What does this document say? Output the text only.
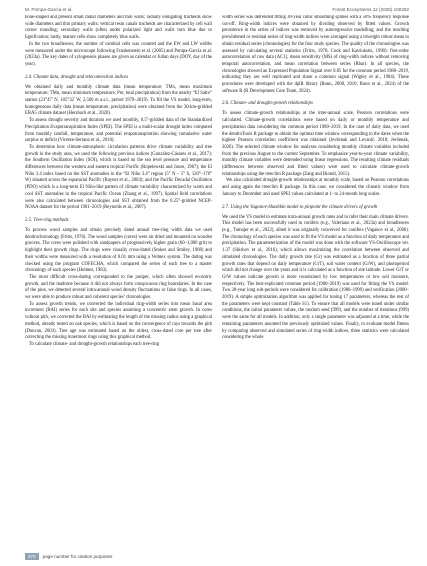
M. Pompa-García et al.	Forest Ecosystems 12 (2025) 100292

bone-shaped and present small radial diameters and thin walls; radially elongating tracheids show wide diameters and thin primary walls; vertical resin canals tracheids are characterized by cell wall corner rounding; secondary walls (often under polarized light and walls turn blue due to lignification; lastly, mature cells show completely blue walls.

In the two broadleaves, the number of cambial cells was counted and the EW and LW widths were measured under the microscope following Frankenstein et al. (2005) and Pompa-García et al. (2023a). The key dates of xylogenesis phases are given as calendar or Julian days (DOY, day of the year).

2.4. Climate data, drought and teleconnection indices

We obtained daily and monthly climate data (mean temperature; TMx, mean maximum temperature; TMn, mean minimum temperature; Pre, total precipitation) from the nearby “El Salto” station (23°47′ N, 105°32′ W, 2,560 m a.s.l., period 1979–2019). To fill the VS model, long-term, homogeneous daily data (mean temperature, precipitation) were obtained from the 30-km-gridded ERA5 climate dataset (Hersbach et al., 2020).

To assess drought severity and duration we used monthly, 0.5°-gridded data of the Standardized Precipitation Evapotranspiration Index (SPEI). The SPEI is a multi-scalar drought index computed from monthly rainfall, temperature, and potential evapotranspiration showing cumulative water surplus or deficit (Vicente-Serrano et al., 2010).

To determine how climate-atmospheric circulation patterns drive climate variability and tree growth in the study area, we used the following previous indices (González-Cásares et al., 2017): the Southern Oscillation Index (SOI), which is based on the sea level pressure and temperature differences between the western and eastern tropical Pacific (Ropelewski and Jones, 1987); the El Niño 3.4 index based on the SST anomalies in the “El Niño 3.4” region (5° N – 5° S, 120°–170° W) situated across the equatorial Pacific (Rayner et al., 2003); and the Pacific Decadal Oscillation (PDO) which is a long-term El Niño-like pattern of climate variability characterized by warm and cool SST anomalies in the tropical Pacific Ocean (Zhang et al., 1997). Spatial field correlations were also calculated between chronologies and SST obtained from the 0.25°-gridded NCEP-NOAA dataset for the period 1981–2019 (Reynolds et al., 2007).

2.5. Tree-ring methods

To process wood samples and obtain precisely dated annual tree-ring width data we used dendrochronology (Fritts, 1976). The wood samples (cores) were air dried and mounted on wooden grooves. The cores were polished with sandpapers of progressively higher grain (60–1,000 grit) to highlight their growth rings. The rings were visually cross-dated (Stokes and Smiley, 1968) and their widths were measured with a resolution of 0.01 mm using a Velmex system. The dating was checked using the program COFECHA, which compared the series of each tree to a master chronology of each species (Holmes, 1983).

The most difficult cross-dating corresponded to the juniper, which often showed eccentric growth, and the madrone because it did not always form conspicuous ring boundaries. In the case of the pine, we detected several intra-annual wood density fluctuations or false rings. In all cases, we were able to produce robust and coherent species’ chronologies.

To assess growth trends, we converted the individual ring-width series into mean basal area increment (BAI) series for each site and species assuming a concentric stem growth. In cores without pith, we corrected the BAI by estimating the length of the missing radius using a graphical method, already tested on oak species, which is based on the convergence of rays towards the pith (Duncan, 2003). Tree age was estimated based on the oldest, cross-dated core per tree after correcting the missing innermost rings using this graphical method.

To calculate climate- and drought-growth relationships each tree-ring

width series was detrended fitting 30-year cubic smoothing splines with a 50% frequency response cut-off. Ring-width indices were obtained by dividing observed by fitted values. Growth persistence in the series of indices was removed by autoregressive modelling, and the resulting prewhitened or residual series of ring-width indices were averaged using a biweight robust mean to obtain residual series (chronologies) for the four study species. The quality of the chronologies was assessed by calculating several statistics (Fritts, 1976; Cook and Kairiukstis, 1990): first-order autocorrelation of raw data (AC1), mean sensitivity (MS) of ring-width indices without removing temporal autocorrelation, and mean correlation between series (Rbar). In all species, the chronologies showed an Expressed Population Signal over 0.85 for the common period 1980–2019, indicating they are well replicated and share a common signal (Wigley et al., 1984). These procedures were developed with the dplR library (Bunn, 2008, 2010; Bunn et al., 2024) of the software R (R Development Core Team, 2024).

2.6. Climate- and drought-growth relationships

To assess climate-growth relationships at the inter-annual scale, Pearson correlations were calculated. Climate-growth correlations were based on daily or monthly temperature and precipitation data considering the common period 1980–2019. In the case of daily data, we used the dendroTools R package to obtain the optimal time window corresponding to the dates when the highest Pearson correlation coefficient was obtained (Jevšenak and Levanič, 2018; Jevšenak, 2020). The selected climate window for analyses considering monthly climate variables included from the previous August to the current September. To emphasize year-to-year climate variability, monthly climate variables were detrended using linear regressions. The resulting climate residuals (differences between observed and fitted values) were used to calculate climate-growth relationships using the treeclim R package (Zang and Biondi, 2015).

We also calculated drought-growth relationships at monthly scale, based on Pearson correlations and using again the treeclim R package. In this case, we considered the climatic window from January to December and used SPEI values calculated at 1- to 24-month long scales.

2.7. Using the Vaganov-Shashkin model to pinpoint the climate drivers of growth

We used the VS model to estimate intra-annual growth rates and to infer their main climate drivers. This model has been successfully used in conifers (e.g., Valeriano et al., 2023a) and broadleaves (e.g., Tumajer et al., 2022), albeit it was originally conceived for conifers (Vaganov et al., 2006). The chronology of each species was used to fit the VS model as a function of daily temperature and precipitation. The parameterization of the model was done with the software VS-Oscilloscope ver. 1.37 (Shishov et al., 2016), which allows maximizing the correlation between observed and simulated chronologies. The daily growth rate (Gr) was estimated as a function of three partial growth rates that depend on daily temperature (GrT), soil water content (GrW), and photoperiod which did not change over the years and it is calculated as a function of site latitude. Lower GrT or GrW values indicate growth is more constrained by low temperatures or low soil moisture, respectively. The best-replicated common period (1980–2019) was used for fitting the VS model. Two 20-year long sub-periods were considered for calibration (1980–1999) and verification (2000–2019). A simple optimization algorithm was applied for tuning 17 parameters, whereas the rest of the parameters were kept constant (Table S1). To ensure that all models were tuned under similar conditions, the initial parameter values, the random seed (999), and the number of iterations (999) were the same for all models. In addition, only a single parameter was adjusted at a time, while the remaining parameters assumed the previously optimized values. Finally, to evaluate model fitness by comparing observed and simulated series of ring-width indices, three statistics were calculated considering the whole

370	page number for citation purposes
